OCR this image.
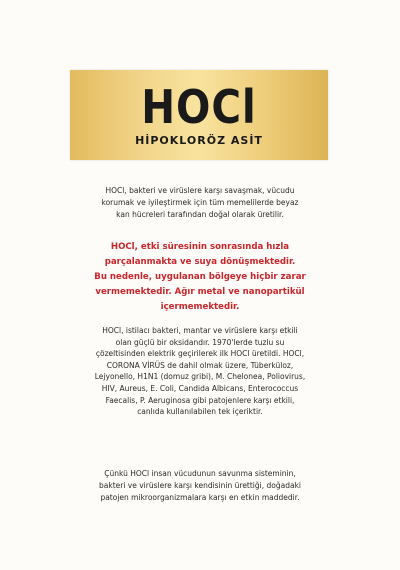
HOCl
HİPOKLORÖZ ASİT

HOCl, bakteri ve virüslere karşı savaşmak, vücudu
korumak ve iyileştirmek için tüm memelilerde beyaz
kan hücreleri tarafından doğal olarak üretilir.

HOCl, etki süresinin sonrasında hızla
parçalanmakta ve suya dönüşmektedir.
Bu nedenle, uygulanan bölgeye hiçbir zarar
vermemektedir. Ağır metal ve nanopartikül
içermemektedir.

HOCl, istilacı bakteri, mantar ve virüslere karşı etkili
olan güçlü bir oksidandır. 1970'lerde tuzlu su
çözeltisinden elektrik geçirilerek ilk HOCl üretildi. HOCl,
CORONA VİRÜS de dahil olmak üzere, Tüberküloz,
Lejyonello, H1N1 (domuz gribi), M. Chelonea, Poliovirus,
HIV, Aureus, E. Coli, Candida Albicans, Enterococcus
Faecalis, P. Aeruginosa gibi patojenlere karşı etkili,
canlıda kullanılabilen tek içeriktir.

Çünkü HOCl insan vücudunun savunma sisteminin,
bakteri ve virüslere karşı kendisinin ürettiği, doğadaki
patojen mikroorganizmalara karşı en etkin maddedir.
